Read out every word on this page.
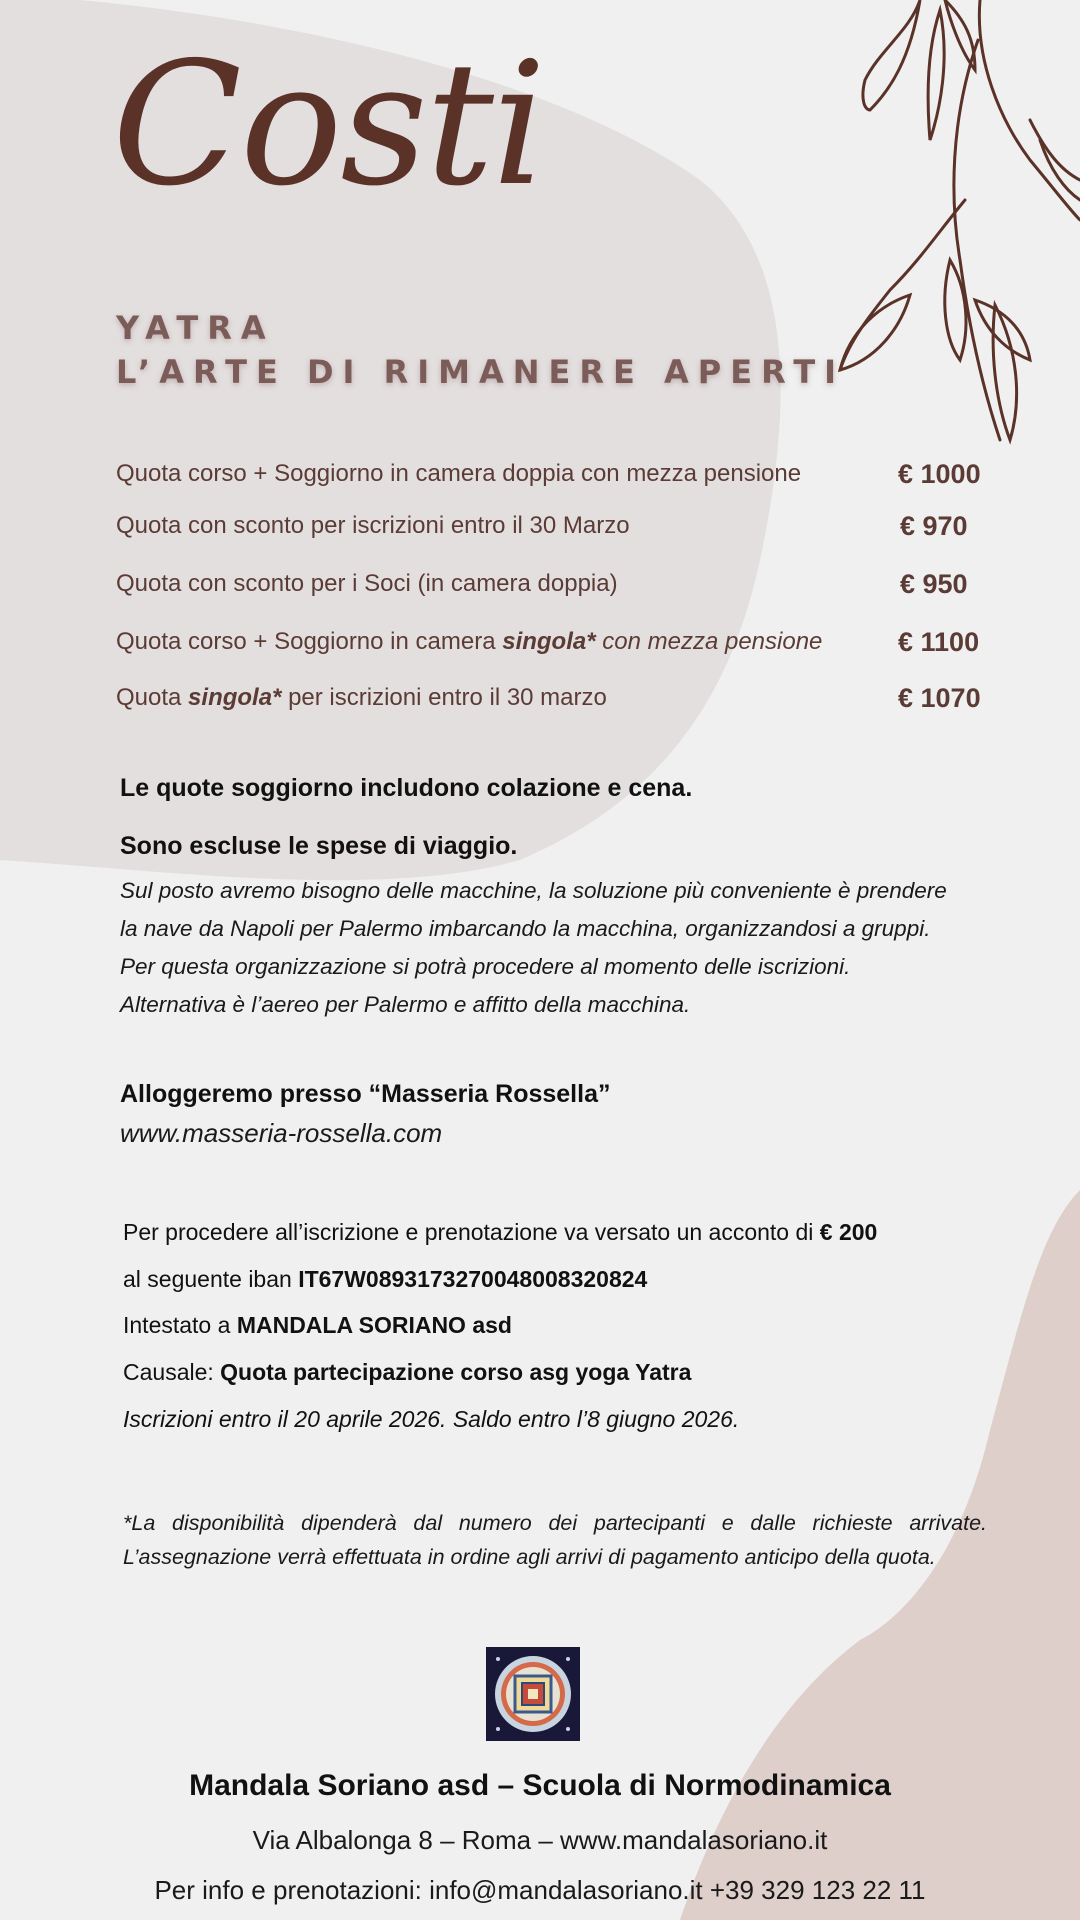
Costi
YATRA
L’ARTE DI RIMANERE APERTI
Quota corso + Soggiorno in camera doppia con mezza pensione	€ 1000
Quota con sconto per iscrizioni entro il 30 Marzo	€ 970
Quota con sconto per i Soci (in camera doppia)	€ 950
Quota corso + Soggiorno in camera singola* con mezza pensione	€ 1100
Quota singola* per iscrizioni entro il 30 marzo	€ 1070

Le quote soggiorno includono colazione e cena.

Sono escluse le spese di viaggio.

Sul posto avremo bisogno delle macchine, la soluzione più conveniente è prendere la nave da Napoli per Palermo imbarcando la macchina, organizzandosi a gruppi. Per questa organizzazione si potrà procedere al momento delle iscrizioni. Alternativa è l’aereo per Palermo e affitto della macchina.

Alloggeremo presso “Masseria Rossella”

www.masseria-rossella.com

Per procedere all’iscrizione e prenotazione va versato un acconto di € 200

al seguente iban IT67W0893173270048008320824

Intestato a MANDALA SORIANO asd

Causale: Quota partecipazione corso asg yoga Yatra

Iscrizioni entro il 20 aprile 2026. Saldo entro l’8 giugno 2026.

*La disponibilità dipenderà dal numero dei partecipanti e dalle richieste arrivate. L’assegnazione verrà effettuata in ordine agli arrivi di pagamento anticipo della quota.

Mandala Soriano asd – Scuola di Normodinamica

Via Albalonga 8 – Roma – www.mandalasoriano.it

Per info e prenotazioni: info@mandalasoriano.it +39 329 123 22 11
